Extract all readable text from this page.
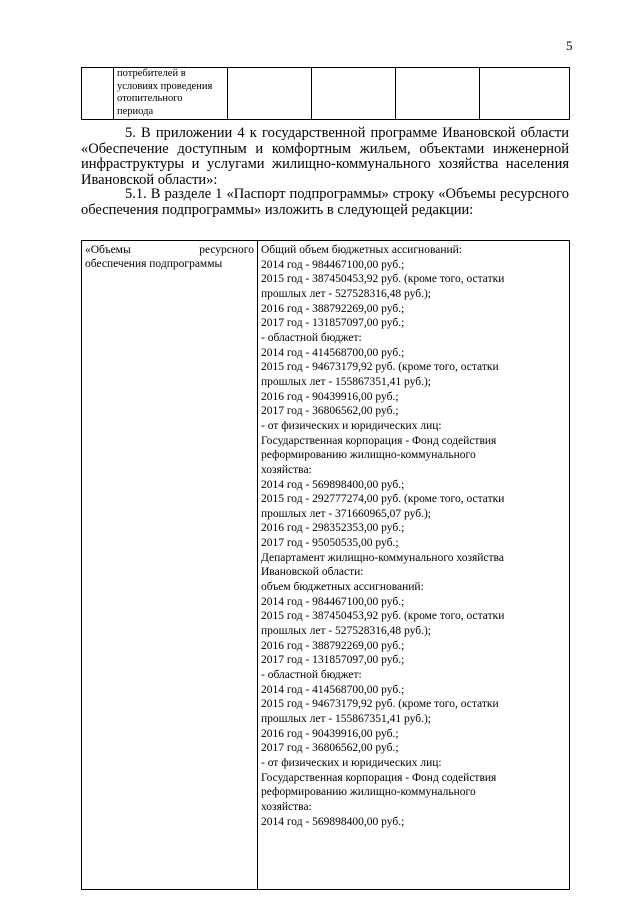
5

потребителей в
условиях проведения
отопительного
периода

5. В приложении 4 к государственной программе Ивановской области «Обеспечение доступным и комфортным жильем, объектами инженерной инфраструктуры и услугами жилищно-коммунального хозяйства населения Ивановской области»:

5.1. В разделе 1 «Паспорт подпрограммы» строку «Объемы ресурсного обеспечения подпрограммы» изложить в следующей редакции:

«Объемы	ресурсного
обеспечения подпрограммы

Общий объем бюджетных ассигнований:
2014 год - 984467100,00 руб.;
2015 год - 387450453,92 руб. (кроме того, остатки
прошлых лет - 527528316,48 руб.);
2016 год - 388792269,00 руб.;
2017 год - 131857097,00 руб.;
- областной бюджет:
2014 год - 414568700,00 руб.;
2015 год - 94673179,92 руб. (кроме того, остатки
прошлых лет - 155867351,41 руб.);
2016 год - 90439916,00 руб.;
2017 год - 36806562,00 руб.;
- от физических и юридических лиц:
Государственная корпорация - Фонд содействия
реформированию жилищно-коммунального
хозяйства:
2014 год - 569898400,00 руб.;
2015 год - 292777274,00 руб. (кроме того, остатки
прошлых лет - 371660965,07 руб.);
2016 год - 298352353,00 руб.;
2017 год - 95050535,00 руб.;
Департамент жилищно-коммунального хозяйства
Ивановской области:
объем бюджетных ассигнований:
2014 год - 984467100,00 руб.;
2015 год - 387450453,92 руб. (кроме того, остатки
прошлых лет - 527528316,48 руб.);
2016 год - 388792269,00 руб.;
2017 год - 131857097,00 руб.;
- областной бюджет:
2014 год - 414568700,00 руб.;
2015 год - 94673179,92 руб. (кроме того, остатки
прошлых лет - 155867351,41 руб.);
2016 год - 90439916,00 руб.;
2017 год - 36806562,00 руб.;
- от физических и юридических лиц:
Государственная корпорация - Фонд содействия
реформированию жилищно-коммунального
хозяйства:
2014 год - 569898400,00 руб.;
